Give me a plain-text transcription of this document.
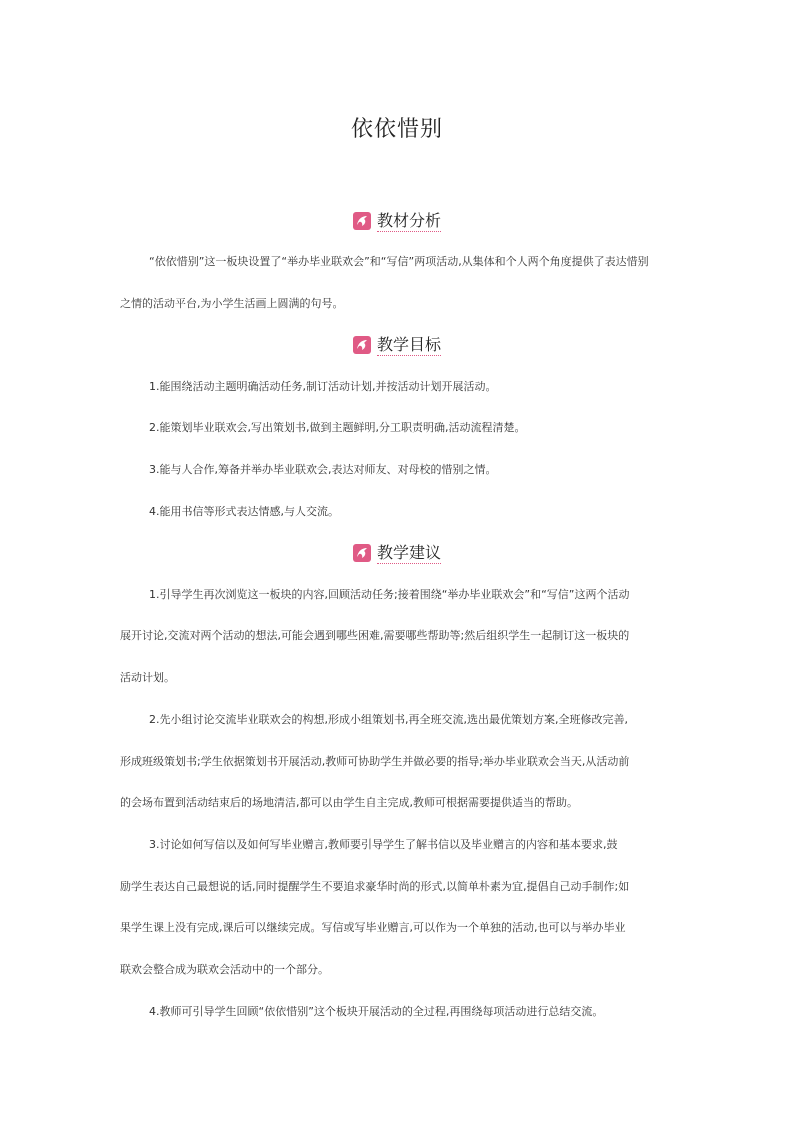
依依惜别
教材分析
“依依惜别”这一板块设置了“举办毕业联欢会”和“写信”两项活动,从集体和个人两个角度提供了表达惜别
之情的活动平台,为小学生活画上圆满的句号。
教学目标
1.能围绕活动主题明确活动任务,制订活动计划,并按活动计划开展活动。
2.能策划毕业联欢会,写出策划书,做到主题鲜明,分工职责明确,活动流程清楚。
3.能与人合作,筹备并举办毕业联欢会,表达对师友、对母校的惜别之情。
4.能用书信等形式表达情感,与人交流。
教学建议
1.引导学生再次浏览这一板块的内容,回顾活动任务;接着围绕“举办毕业联欢会”和“写信”这两个活动
展开讨论,交流对两个活动的想法,可能会遇到哪些困难,需要哪些帮助等;然后组织学生一起制订这一板块的
活动计划。
2.先小组讨论交流毕业联欢会的构想,形成小组策划书,再全班交流,选出最优策划方案,全班修改完善,
形成班级策划书;学生依据策划书开展活动,教师可协助学生并做必要的指导;举办毕业联欢会当天,从活动前
的会场布置到活动结束后的场地清洁,都可以由学生自主完成,教师可根据需要提供适当的帮助。
3.讨论如何写信以及如何写毕业赠言,教师要引导学生了解书信以及毕业赠言的内容和基本要求,鼓
励学生表达自己最想说的话,同时提醒学生不要追求豪华时尚的形式,以简单朴素为宜,提倡自己动手制作;如
果学生课上没有完成,课后可以继续完成。写信或写毕业赠言,可以作为一个单独的活动,也可以与举办毕业
联欢会整合成为联欢会活动中的一个部分。
4.教师可引导学生回顾“依依惜别”这个板块开展活动的全过程,再围绕每项活动进行总结交流。
